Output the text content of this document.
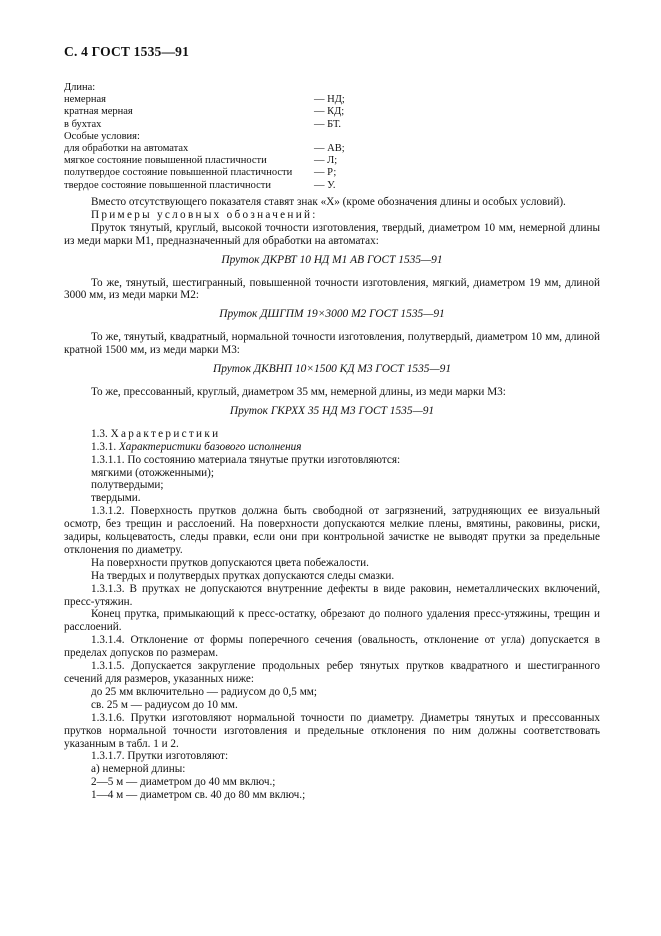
С. 4 ГОСТ 1535—91
Длина:
немерная	— НД;
кратная мерная	— КД;
в бухтах	— БТ.
Особые условия:
для обработки на автоматах	— АВ;
мягкое состояние повышенной пластичности	— Л;
полутвердое состояние повышенной пластичности — Р;
твердое состояние повышенной пластичности	— У.

Вместо отсутствующего показателя ставят знак «X» (кроме обозначения длины и особых условий).

Примеры условных обозначений:

Пруток тянутый, круглый, высокой точности изготовления, твердый, диаметром 10 мм, немерной длины из меди марки М1, предназначенный для обработки на автоматах:

Пруток ДКРВТ 10 НД М1 АВ ГОСТ 1535—91

То же, тянутый, шестигранный, повышенной точности изготовления, мягкий, диаметром 19 мм, длиной 3000 мм, из меди марки М2:

Пруток ДШГПМ 19×3000 М2 ГОСТ 1535—91

То же, тянутый, квадратный, нормальной точности изготовления, полутвердый, диаметром 10 мм, длиной кратной 1500 мм, из меди марки М3:

Пруток ДКВНП 10×1500 КД М3 ГОСТ 1535—91

То же, прессованный, круглый, диаметром 35 мм, немерной длины, из меди марки М3:

Пруток ГКРХХ 35 НД М3 ГОСТ 1535—91

1.3. Характеристики

1.3.1. Характеристики базового исполнения

1.3.1.1. По состоянию материала тянутые прутки изготовляются:

мягкими (отожженными);

полутвердыми;

твердыми.

1.3.1.2. Поверхность прутков должна быть свободной от загрязнений, затрудняющих ее визуальный осмотр, без трещин и расслоений. На поверхности допускаются мелкие плены, вмятины, раковины, риски, задиры, кольцеватость, следы правки, если они при контрольной зачистке не выводят прутки за предельные отклонения по диаметру.

На поверхности прутков допускаются цвета побежалости.

На твердых и полутвердых прутках допускаются следы смазки.

1.3.1.3. В прутках не допускаются внутренние дефекты в виде раковин, неметаллических включений, пресс-утяжин.

Конец прутка, примыкающий к пресс-остатку, обрезают до полного удаления пресс-утяжины, трещин и расслоений.

1.3.1.4. Отклонение от формы поперечного сечения (овальность, отклонение от угла) допускается в пределах допусков по размерам.

1.3.1.5. Допускается закругление продольных ребер тянутых прутков квадратного и шестигранного сечений для размеров, указанных ниже:

до 25 мм включительно — радиусом до 0,5 мм;

св. 25 м — радиусом до 10 мм.

1.3.1.6. Прутки изготовляют нормальной точности по диаметру. Диаметры тянутых и прессованных прутков нормальной точности изготовления и предельные отклонения по ним должны соответствовать указанным в табл. 1 и 2.

1.3.1.7. Прутки изготовляют:

а) немерной длины:

2—5 м — диаметром до 40 мм включ.;

1—4 м — диаметром св. 40 до 80 мм включ.;
